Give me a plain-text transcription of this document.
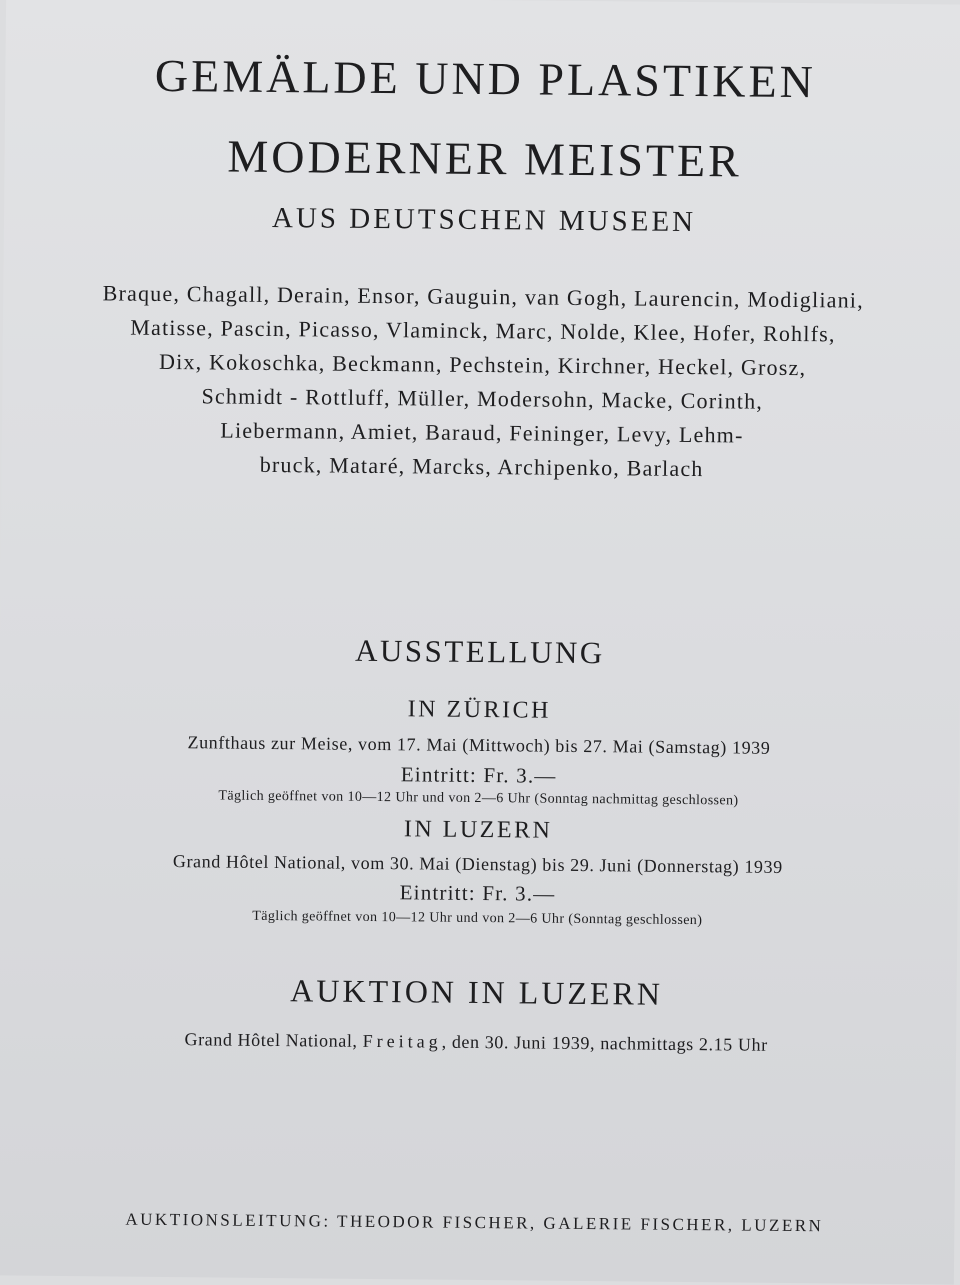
GEMÄLDE UND PLASTIKEN
MODERNER MEISTER
AUS DEUTSCHEN MUSEEN

Braque, Chagall, Derain, Ensor, Gauguin, van Gogh, Laurencin, Modigliani,

Matisse, Pascin, Picasso, Vlaminck, Marc, Nolde, Klee, Hofer, Rohlfs,

Dix, Kokoschka, Beckmann, Pechstein, Kirchner, Heckel, Grosz,

Schmidt - Rottluff, Müller, Modersohn, Macke, Corinth,

Liebermann, Amiet, Baraud, Feininger, Levy, Lehm-

bruck, Mataré, Marcks, Archipenko, Barlach

AUSSTELLUNG
IN ZÜRICH

Zunfthaus zur Meise, vom 17. Mai (Mittwoch) bis 27. Mai (Samstag) 1939

Eintritt: Fr. 3.—

Täglich geöffnet von 10—12 Uhr und von 2—6 Uhr (Sonntag nachmittag geschlossen)

IN LUZERN

Grand Hôtel National, vom 30. Mai (Dienstag) bis 29. Juni (Donnerstag) 1939

Eintritt: Fr. 3.—

Täglich geöffnet von 10—12 Uhr und von 2—6 Uhr (Sonntag geschlossen)

AUKTION IN LUZERN

Grand Hôtel National, Freitag, den 30. Juni 1939, nachmittags 2.15 Uhr

AUKTIONSLEITUNG: THEODOR FISCHER, GALERIE FISCHER, LUZERN
